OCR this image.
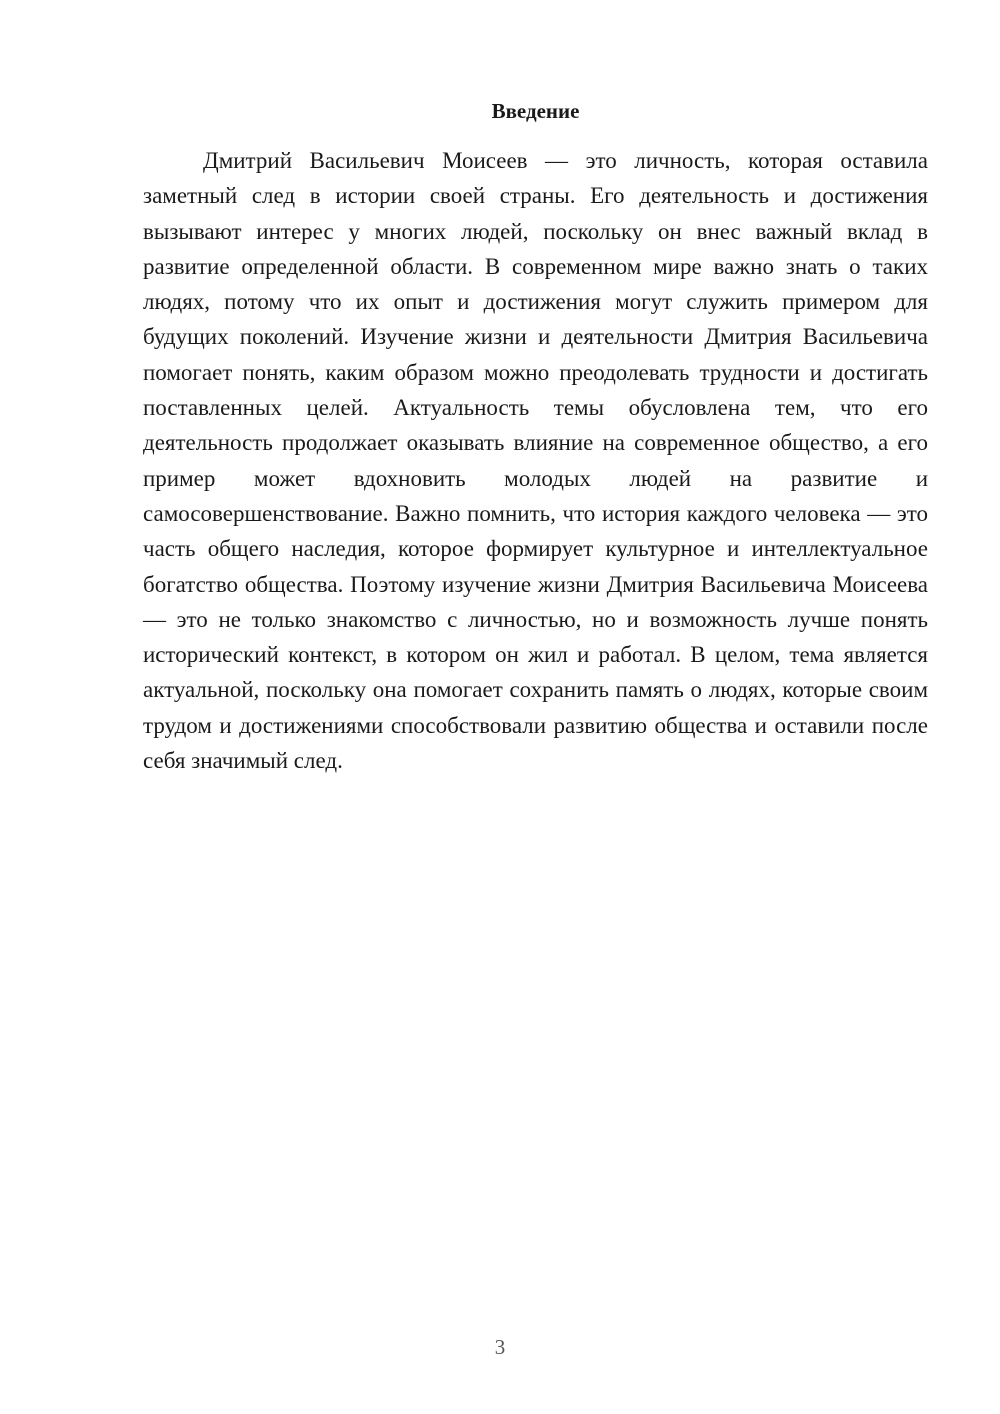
Введение

Дмитрий Васильевич Моисеев — это личность, которая оставила заметный след в истории своей страны. Его деятельность и достижения вызывают интерес у многих людей, поскольку он внес важный вклад в развитие определенной области. В современном мире важно знать о таких людях, потому что их опыт и достижения могут служить примером для будущих поколений. Изучение жизни и деятельности Дмитрия Васильевича помогает понять, каким образом можно преодолевать трудности и достигать поставленных целей. Актуальность темы обусловлена тем, что его деятельность продолжает оказывать влияние на современное общество, а его пример может вдохновить молодых людей на развитие и самосовершенствование. Важно помнить, что история каждого человека — это часть общего наследия, которое формирует культурное и интеллектуальное богатство общества. Поэтому изучение жизни Дмитрия Васильевича Моисеева — это не только знакомство с личностью, но и возможность лучше понять исторический контекст, в котором он жил и работал. В целом, тема является актуальной, поскольку она помогает сохранить память о людях, которые своим трудом и достижениями способствовали развитию общества и оставили после себя значимый след.

3
